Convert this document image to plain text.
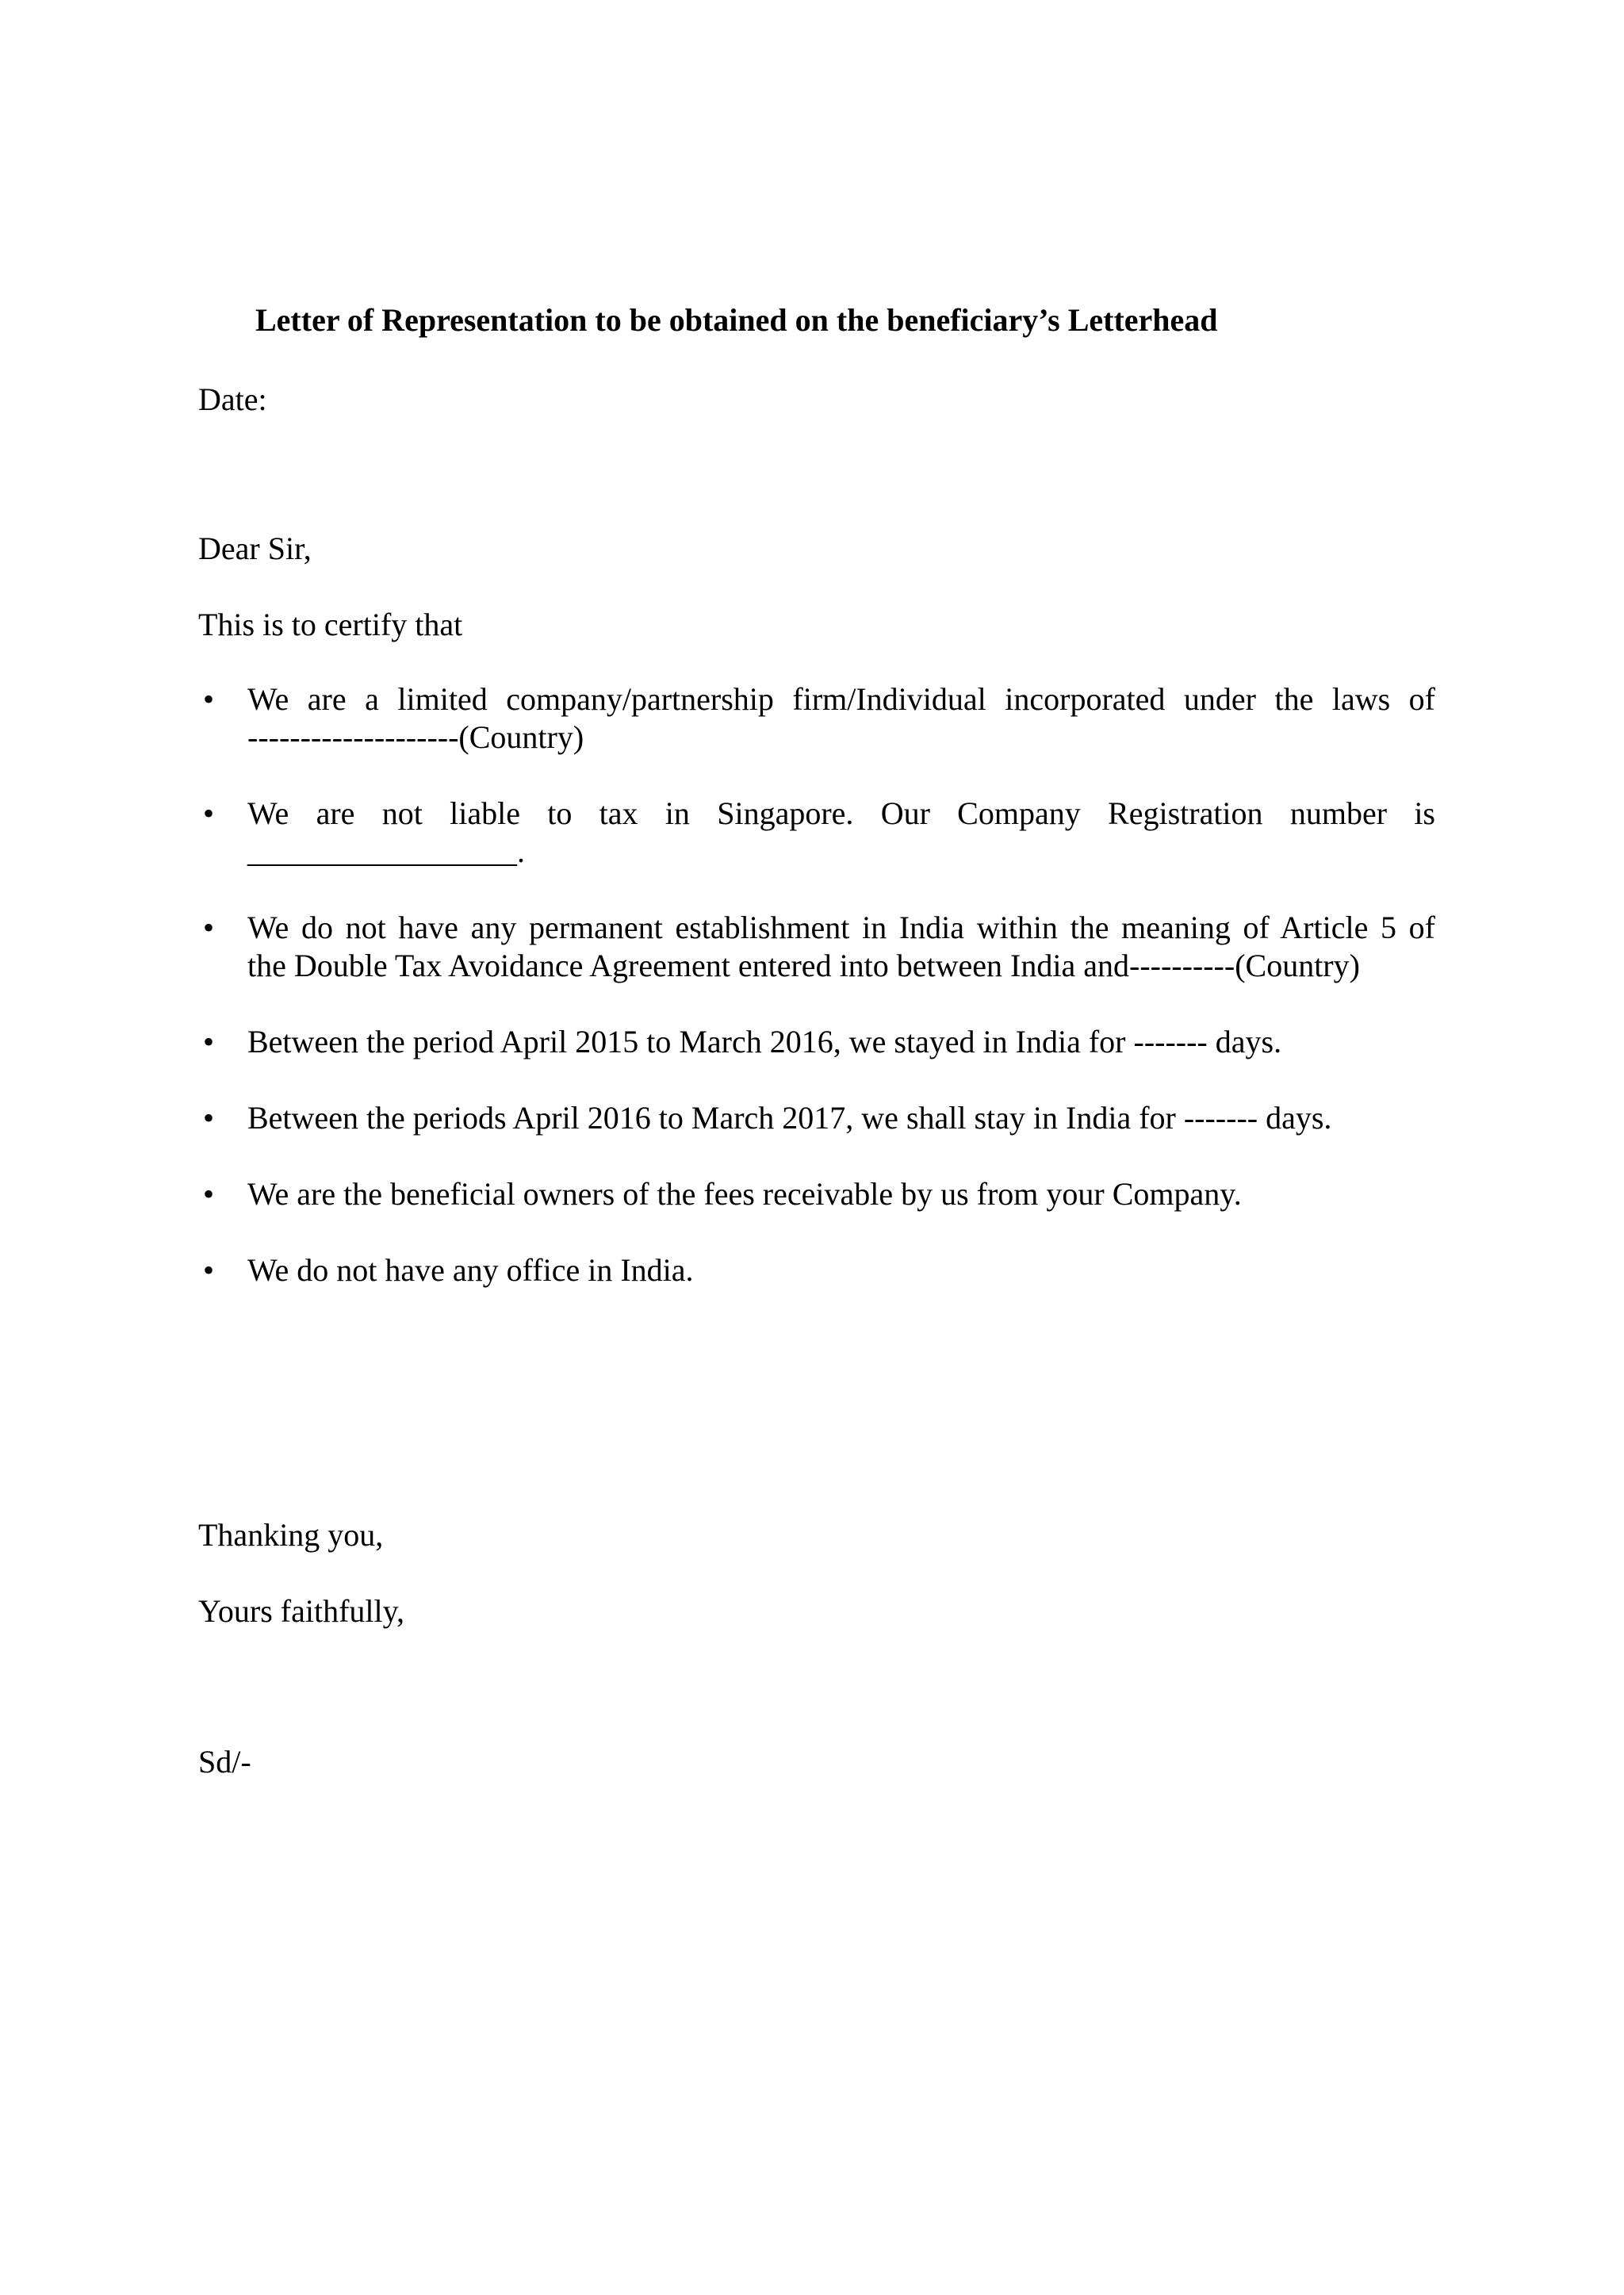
Letter of Representation to be obtained on the beneficiary’s Letterhead
Date:
Dear Sir,
This is to certify that
• We are a limited company/partnership firm/Individual incorporated under the laws of
--------------------(Country)
• We are not liable to tax in Singapore. Our Company Registration number is
_________________.
• We do not have any permanent establishment in India within the meaning of Article 5 of
the Double Tax Avoidance Agreement entered into between India and----------(Country)
• Between the period April 2015 to March 2016, we stayed in India for ------- days.
• Between the periods April 2016 to March 2017, we shall stay in India for ------- days.
• We are the beneficial owners of the fees receivable by us from your Company.
• We do not have any office in India.
Thanking you,
Yours faithfully,
Sd/-
